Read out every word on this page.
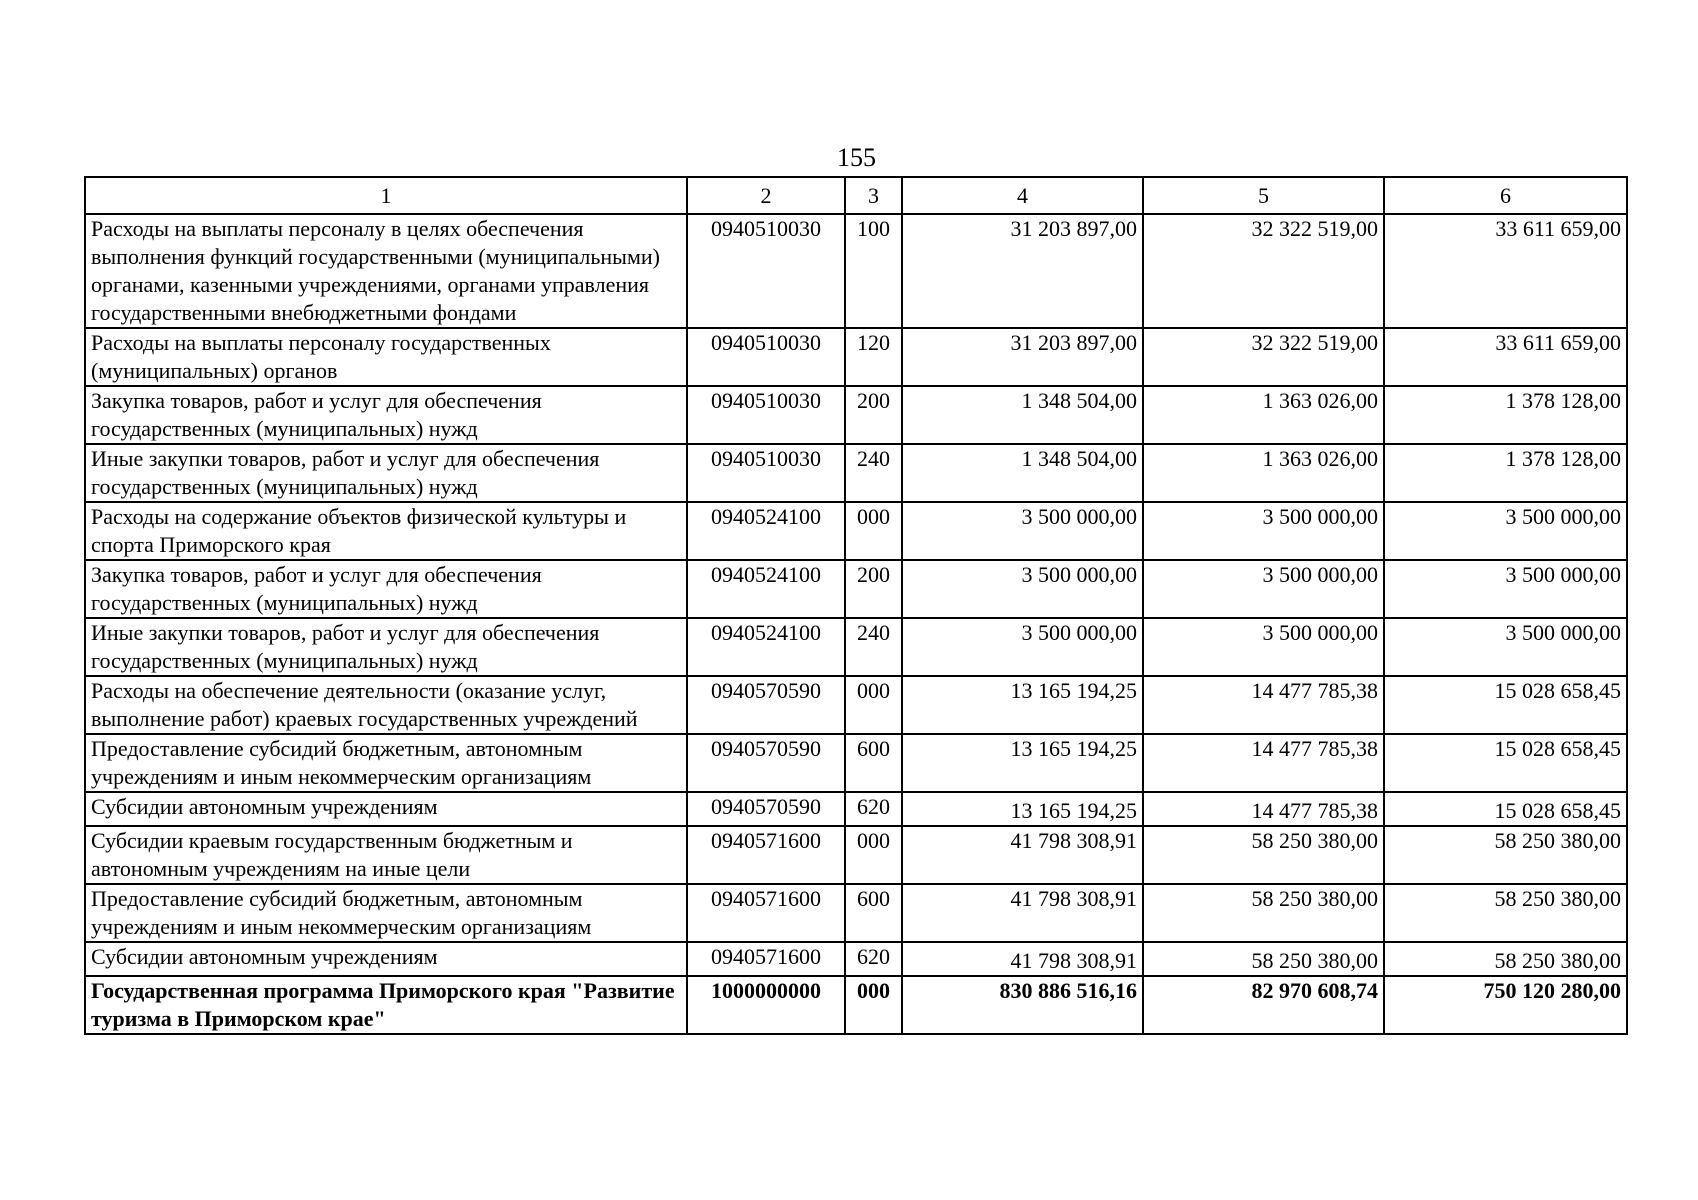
155
1	2	3	4	5	6
Расходы на выплаты персоналу в целях обеспечения выполнения функций государственными (муниципальными) органами, казенными учреждениями, органами управления государственными внебюджетными фондами	0940510030	100	31 203 897,00	32 322 519,00	33 611 659,00
Расходы на выплаты персоналу государственных (муниципальных) органов	0940510030	120	31 203 897,00	32 322 519,00	33 611 659,00
Закупка товаров, работ и услуг для обеспечения государственных (муниципальных) нужд	0940510030	200	1 348 504,00	1 363 026,00	1 378 128,00
Иные закупки товаров, работ и услуг для обеспечения государственных (муниципальных) нужд	0940510030	240	1 348 504,00	1 363 026,00	1 378 128,00
Расходы на содержание объектов физической культуры и спорта Приморского края	0940524100	000	3 500 000,00	3 500 000,00	3 500 000,00
Закупка товаров, работ и услуг для обеспечения государственных (муниципальных) нужд	0940524100	200	3 500 000,00	3 500 000,00	3 500 000,00
Иные закупки товаров, работ и услуг для обеспечения государственных (муниципальных) нужд	0940524100	240	3 500 000,00	3 500 000,00	3 500 000,00
Расходы на обеспечение деятельности (оказание услуг, выполнение работ) краевых государственных учреждений	0940570590	000	13 165 194,25	14 477 785,38	15 028 658,45
Предоставление субсидий бюджетным, автономным учреждениям и иным некоммерческим организациям	0940570590	600	13 165 194,25	14 477 785,38	15 028 658,45
Субсидии автономным учреждениям	0940570590	620	13 165 194,25	14 477 785,38	15 028 658,45
Субсидии краевым государственным бюджетным и автономным учреждениям на иные цели	0940571600	000	41 798 308,91	58 250 380,00	58 250 380,00
Предоставление субсидий бюджетным, автономным учреждениям и иным некоммерческим организациям	0940571600	600	41 798 308,91	58 250 380,00	58 250 380,00
Субсидии автономным учреждениям	0940571600	620	41 798 308,91	58 250 380,00	58 250 380,00
Государственная программа Приморского края "Развитие туризма в Приморском крае"	1000000000	000	830 886 516,16	82 970 608,74	750 120 280,00
